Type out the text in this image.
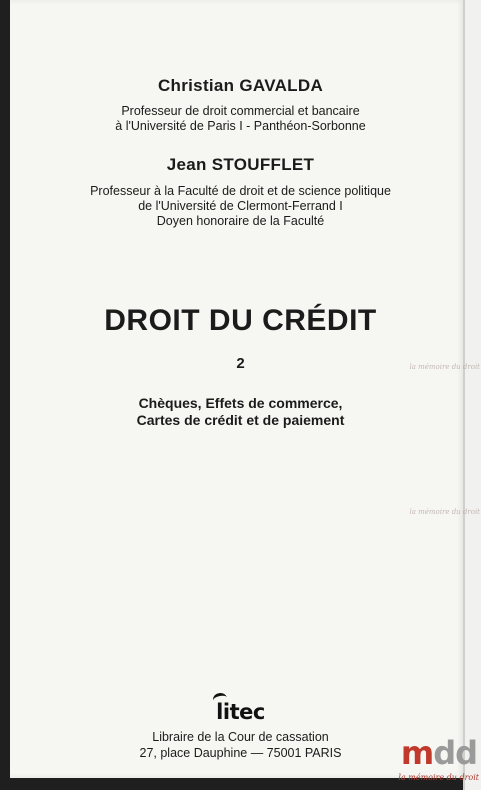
Christian GAVALDA
Professeur de droit commercial et bancaire
à l'Université de Paris I - Panthéon-Sorbonne
Jean STOUFFLET
Professeur à la Faculté de droit et de science politique
de l'Université de Clermont-Ferrand I
Doyen honoraire de la Faculté
DROIT DU CRÉDIT
2
Chèques, Effets de commerce,
Cartes de crédit et de paiement
litec
Libraire de la Cour de cassation
27, place Dauphine — 75001 PARIS	mdd
la mémoire du droit
la mémoire du droit
la mémoire du droit
